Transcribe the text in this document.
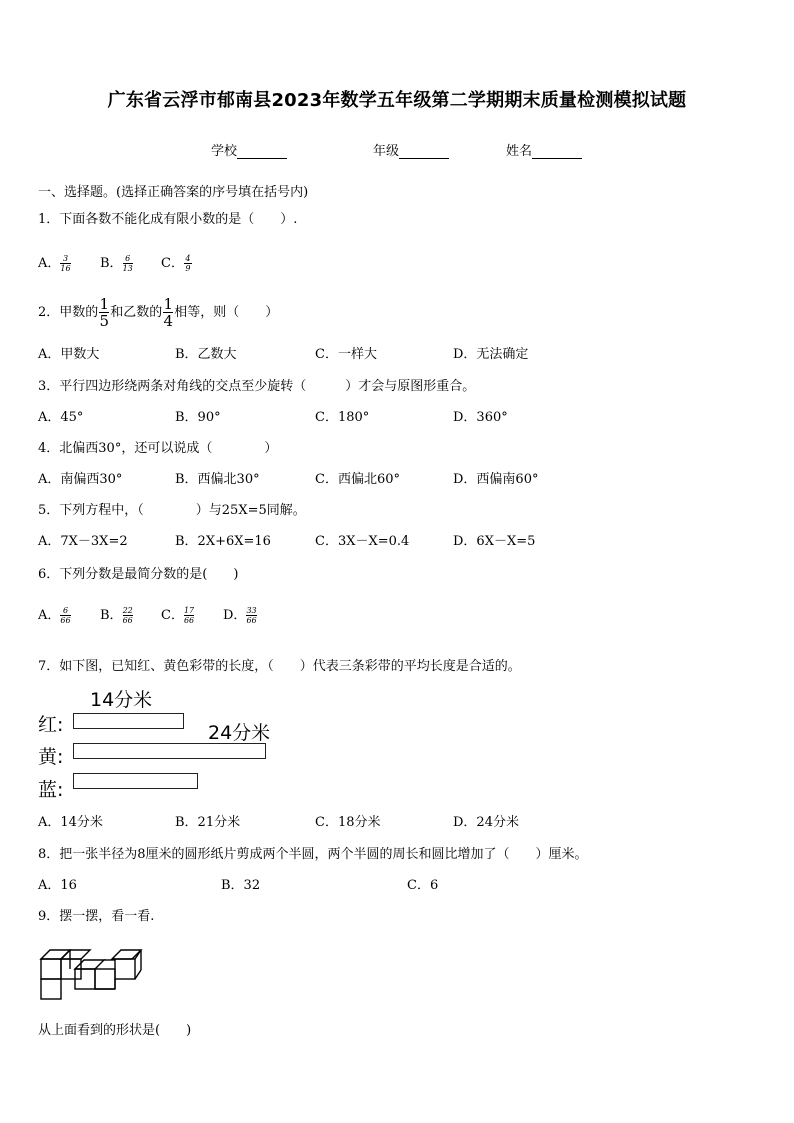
广东省云浮市郁南县2023年数学五年级第二学期期末质量检测模拟试题
学校	年级	姓名
一、选择题。(选择正确答案的序号填在括号内)
1．下面各数不能化成有限小数的是（　　）.
A． $\frac{3}{16}$ B． $\frac{6}{13}$ C． $\frac{4}{9}$
2．甲数的 $\frac{1}{5}$ 和乙数的 $\frac{1}{4}$ 相等，则（　　）
A．甲数大	B．乙数大	C．一样大	D．无法确定
3．平行四边形绕两条对角线的交点至少旋转（　　　）才会与原图形重合。
A．45°	B．90°	C．180°	D．360°
4．北偏西30°，还可以说成（　　　　）
A．南偏西30°	B．西偏北30°	C．西偏北60°	D．西偏南60°
5．下列方程中，（　　　　）与25X=5同解。
A．7X－3X=2	B．2X+6X=16	C．3X－X=0.4	D．6X－X=5
6．下列分数是最简分数的是(　　)
A． $\frac{6}{66}$ B． $\frac{22}{66}$ C． $\frac{17}{66}$ D． $\frac{33}{66}$
7．如下图，已知红、黄色彩带的长度，（　　）代表三条彩带的平均长度是合适的。
14分米
24分米
红:
黄:
蓝:
A．14分米	B．21分米	C．18分米	D．24分米
8．把一张半径为8厘米的圆形纸片剪成两个半圆，两个半圆的周长和圆比增加了（　　）厘米。
A．16	B．32	C．6
9．摆一摆，看一看.
从上面看到的形状是(　　)
